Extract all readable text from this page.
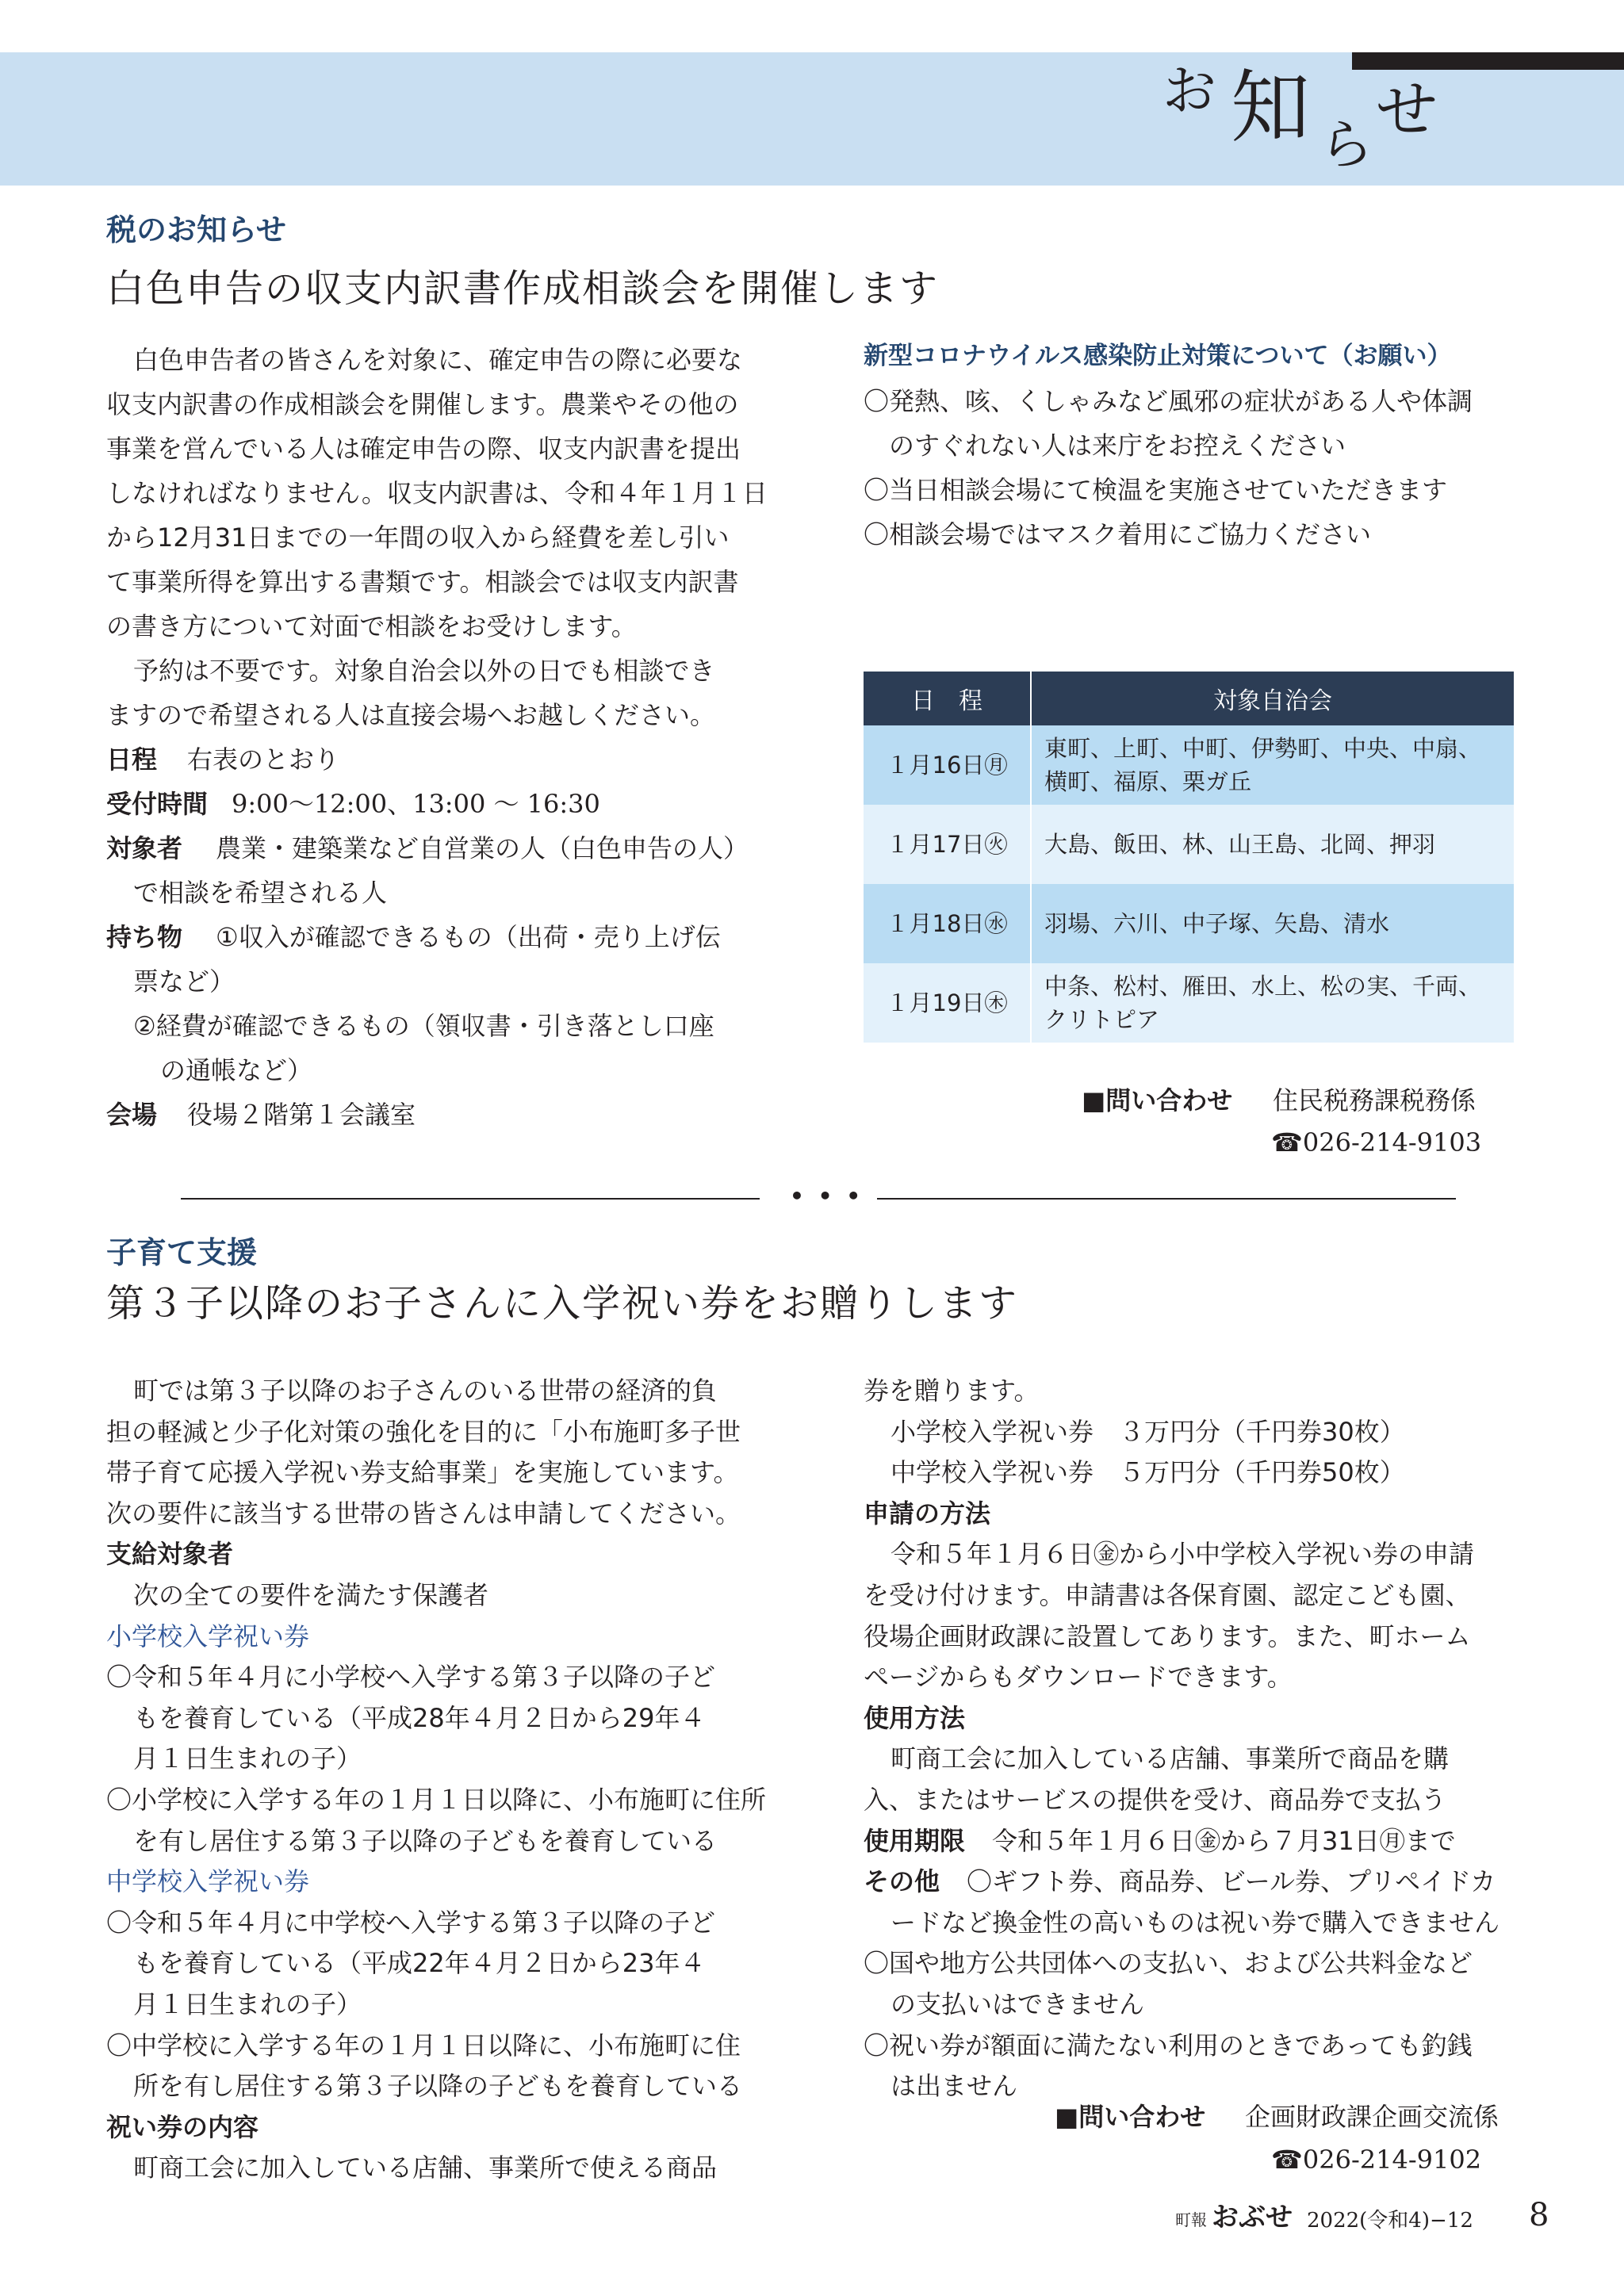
お 知 ら せ
税のお知らせ
白色申告の収支内訳書作成相談会を開催します
白色申告者の皆さんを対象に、確定申告の際に必要な
収支内訳書の作成相談会を開催します。農業やその他の
事業を営んでいる人は確定申告の際、収支内訳書を提出
しなければなりません。収支内訳書は、令和４年１月１日
から12月31日までの一年間の収入から経費を差し引い
て事業所得を算出する書類です。相談会では収支内訳書
の書き方について対面で相談をお受けします。
予約は不要です。対象自治会以外の日でも相談でき
ますので希望される人は直接会場へお越しください。
日程 右表のとおり
受付時間 9:00～12:00、13:00 ～ 16:30
対象者 農業・建築業など自営業の人（白色申告の人）
で相談を希望される人
持ち物 ①収入が確認できるもの（出荷・売り上げ伝
票など）
②経費が確認できるもの（領収書・引き落とし口座
の通帳など）
会場 役場２階第１会議室
新型コロナウイルス感染防止対策について（お願い）
〇発熱、咳、くしゃみなど風邪の症状がある人や体調
のすぐれない人は来庁をお控えください
〇当日相談会場にて検温を実施させていただきます
〇相談会場ではマスク着用にご協力ください
日　程	対象自治会
１月16日㊊	東町、上町、中町、伊勢町、中央、中扇、横町、福原、栗ガ丘
１月17日㊋	大島、飯田、林、山王島、北岡、押羽
１月18日㊌	羽場、六川、中子塚、矢島、清水
１月19日㊍	中条、松村、雁田、水上、松の実、千両、クリトピア
■ 問い合わせ 住民税務課税務係
☎026-214-9103
• • •
子育て支援
第３子以降のお子さんに入学祝い券をお贈りします
町では第３子以降のお子さんのいる世帯の経済的負
担の軽減と少子化対策の強化を目的に「小布施町多子世
帯子育て応援入学祝い券支給事業」を実施しています。
次の要件に該当する世帯の皆さんは申請してください。
支給対象者
次の全ての要件を満たす保護者
小学校入学祝い券
〇令和５年４月に小学校へ入学する第３子以降の子ど
もを養育している（平成28年４月２日から29年４
月１日生まれの子）
〇小学校に入学する年の１月１日以降に、小布施町に住所
を有し居住する第３子以降の子どもを養育している
中学校入学祝い券
〇令和５年４月に中学校へ入学する第３子以降の子ど
もを養育している（平成22年４月２日から23年４
月１日生まれの子）
〇中学校に入学する年の１月１日以降に、小布施町に住
所を有し居住する第３子以降の子どもを養育している
祝い券の内容
町商工会に加入している店舗、事業所で使える商品
券を贈ります。
小学校入学祝い券　３万円分（千円券30枚）
中学校入学祝い券　５万円分（千円券50枚）
申請の方法
令和５年１月６日㊎から小中学校入学祝い券の申請
を受け付けます。申請書は各保育園、認定こども園、
役場企画財政課に設置してあります。また、町ホーム
ページからもダウンロードできます。
使用方法
町商工会に加入している店舗、事業所で商品を購
入、またはサービスの提供を受け、商品券で支払う
使用期限 令和５年１月６日㊎から７月31日㊊まで
その他 〇ギフト券、商品券、ビール券、プリペイドカ
ードなど換金性の高いものは祝い券で購入できません
〇国や地方公共団体への支払い、および公共料金など
の支払いはできません
〇祝い券が額面に満たない利用のときであっても釣銭
は出ません
■ 問い合わせ 企画財政課企画交流係
☎026-214-9102
町報 おぶせ 2022(令和4)−12 8
